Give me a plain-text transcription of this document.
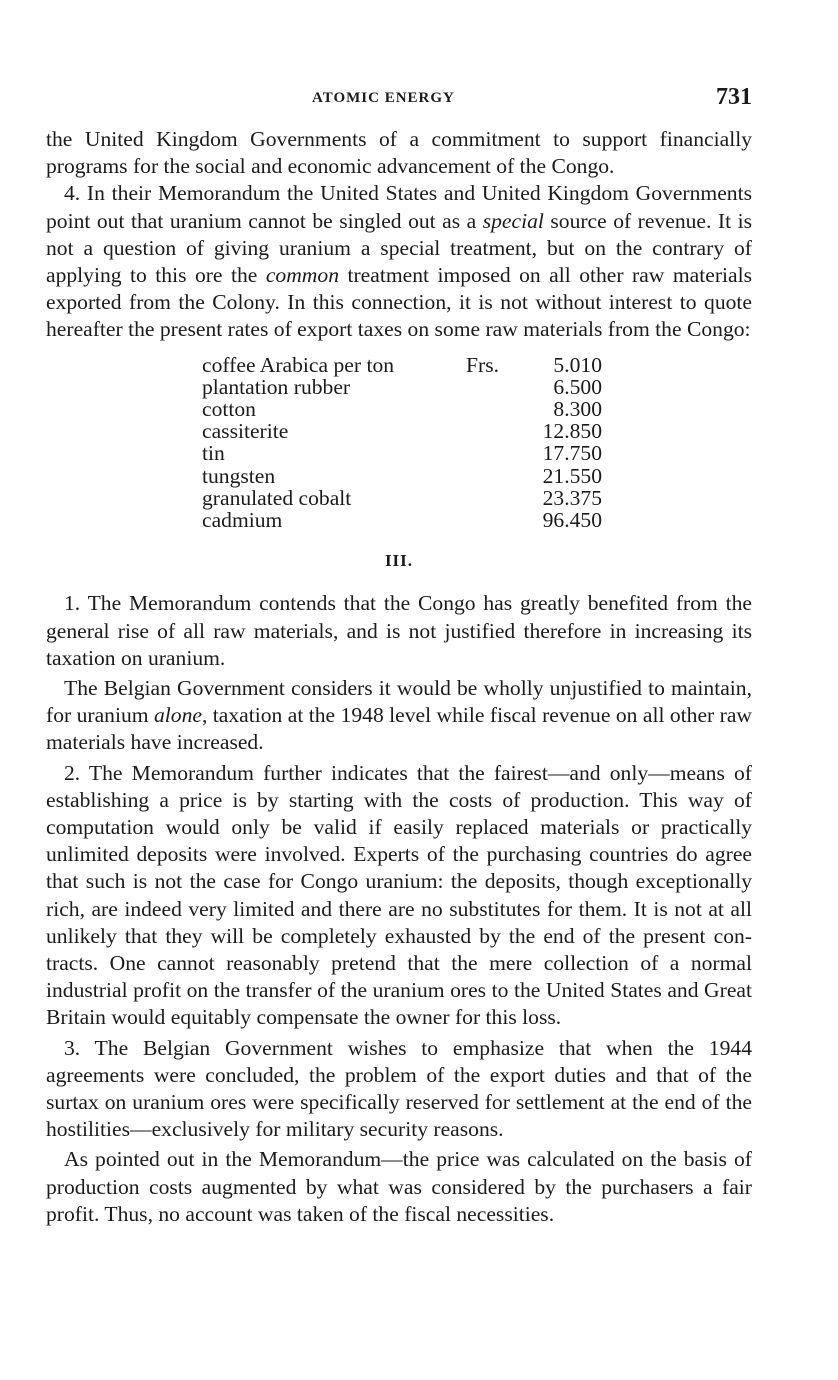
ATOMIC ENERGY	731

the United Kingdom Governments of a commitment to support financially programs for the social and economic advancement of the Congo.

4. In their Memorandum the United States and United Kingdom Governments point out that uranium cannot be singled out as a special source of revenue. It is not a question of giving uranium a special treatment, but on the contrary of applying to this ore the common treatment imposed on all other raw materials exported from the Colony. In this connection, it is not without interest to quote hereafter the present rates of export taxes on some raw materials from the Congo:

coffee Arabica per ton	Frs.	5.010
plantation rubber	6.500
cotton	8.300
cassiterite	12.850
tin	17.750
tungsten	21.550
granulated cobalt	23.375
cadmium	96.450
III.

1. The Memorandum contends that the Congo has greatly benefited from the general rise of all raw materials, and is not justified therefore in increasing its taxation on uranium.

The Belgian Government considers it would be wholly unjustified to maintain, for uranium alone, taxation at the 1948 level while fiscal revenue on all other raw materials have increased.

2. The Memorandum further indicates that the fairest—and only—means of establishing a price is by starting with the costs of production. This way of computation would only be valid if easily replaced materials or practically unlimited deposits were involved. Experts of the purchasing countries do agree that such is not the case for Congo uranium: the deposits, though exceptionally rich, are indeed very limited and there are no substitutes for them. It is not at all unlikely that they will be completely exhausted by the end of the present contracts. One cannot reasonably pretend that the mere collection of a normal industrial profit on the transfer of the uranium ores to the United States and Great Britain would equitably compensate the owner for this loss.

3. The Belgian Government wishes to emphasize that when the 1944 agreements were concluded, the problem of the export duties and that of the surtax on uranium ores were specifically reserved for settlement at the end of the hostilities—exclusively for military security reasons.

As pointed out in the Memorandum—the price was calculated on the basis of production costs augmented by what was considered by the purchasers a fair profit. Thus, no account was taken of the fiscal necessities.
